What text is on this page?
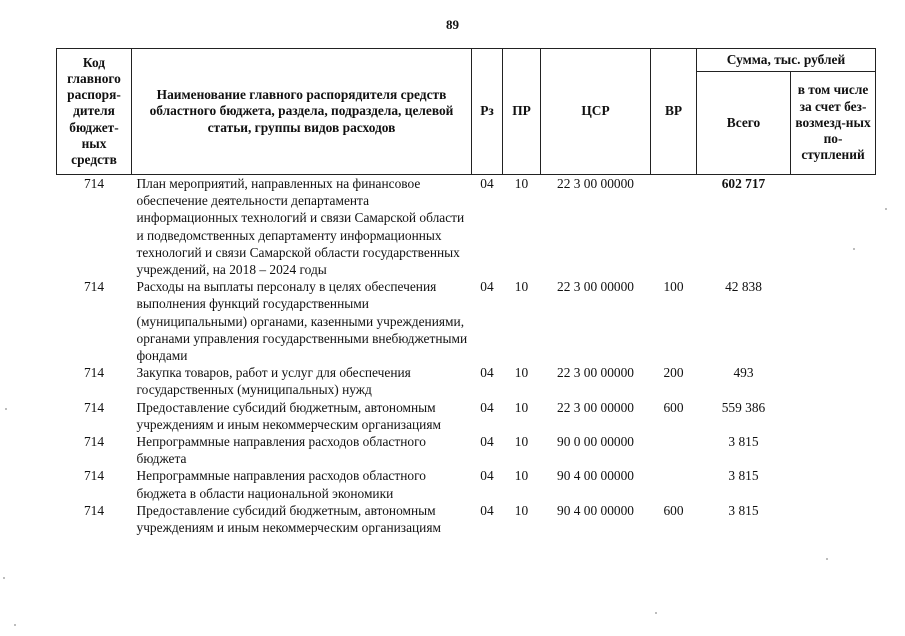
89
Код главного распоря-дителя бюджет-ных средств	Наименование главного распорядителя средств областного бюджета, раздела, подраздела, целевой статьи, группы видов расходов	Рз	ПР	ЦСР	ВР	Сумма, тыс. рублей	
						Всего	в том числе за счет без-возмезд-ных по-ступлений
714	План мероприятий, направленных на финансовое обеспечение деятельности департамента информационных технологий и связи Самарской области и подведомственных департаменту информационных технологий и связи Самарской области государственных учреждений, на 2018 – 2024 годы	04	10	22 3 00 00000		602 717	
714	Расходы на выплаты персоналу в целях обеспечения выполнения функций государственными (муниципальными) органами, казенными учреждениями, органами управления государственными внебюджетными фондами	04	10	22 3 00 00000	100	42 838	
714	Закупка товаров, работ и услуг для обеспечения государственных (муниципальных) нужд	04	10	22 3 00 00000	200	493	
714	Предоставление субсидий бюджетным, автономным учреждениям и иным некоммерческим организациям	04	10	22 3 00 00000	600	559 386	
714	Непрограммные направления расходов областного бюджета	04	10	90 0 00 00000		3 815	
714	Непрограммные направления расходов областного бюджета в области национальной экономики	04	10	90 4 00 00000		3 815	
714	Предоставление субсидий бюджетным, автономным учреждениям и иным некоммерческим организациям	04	10	90 4 00 00000	600	3 815	
